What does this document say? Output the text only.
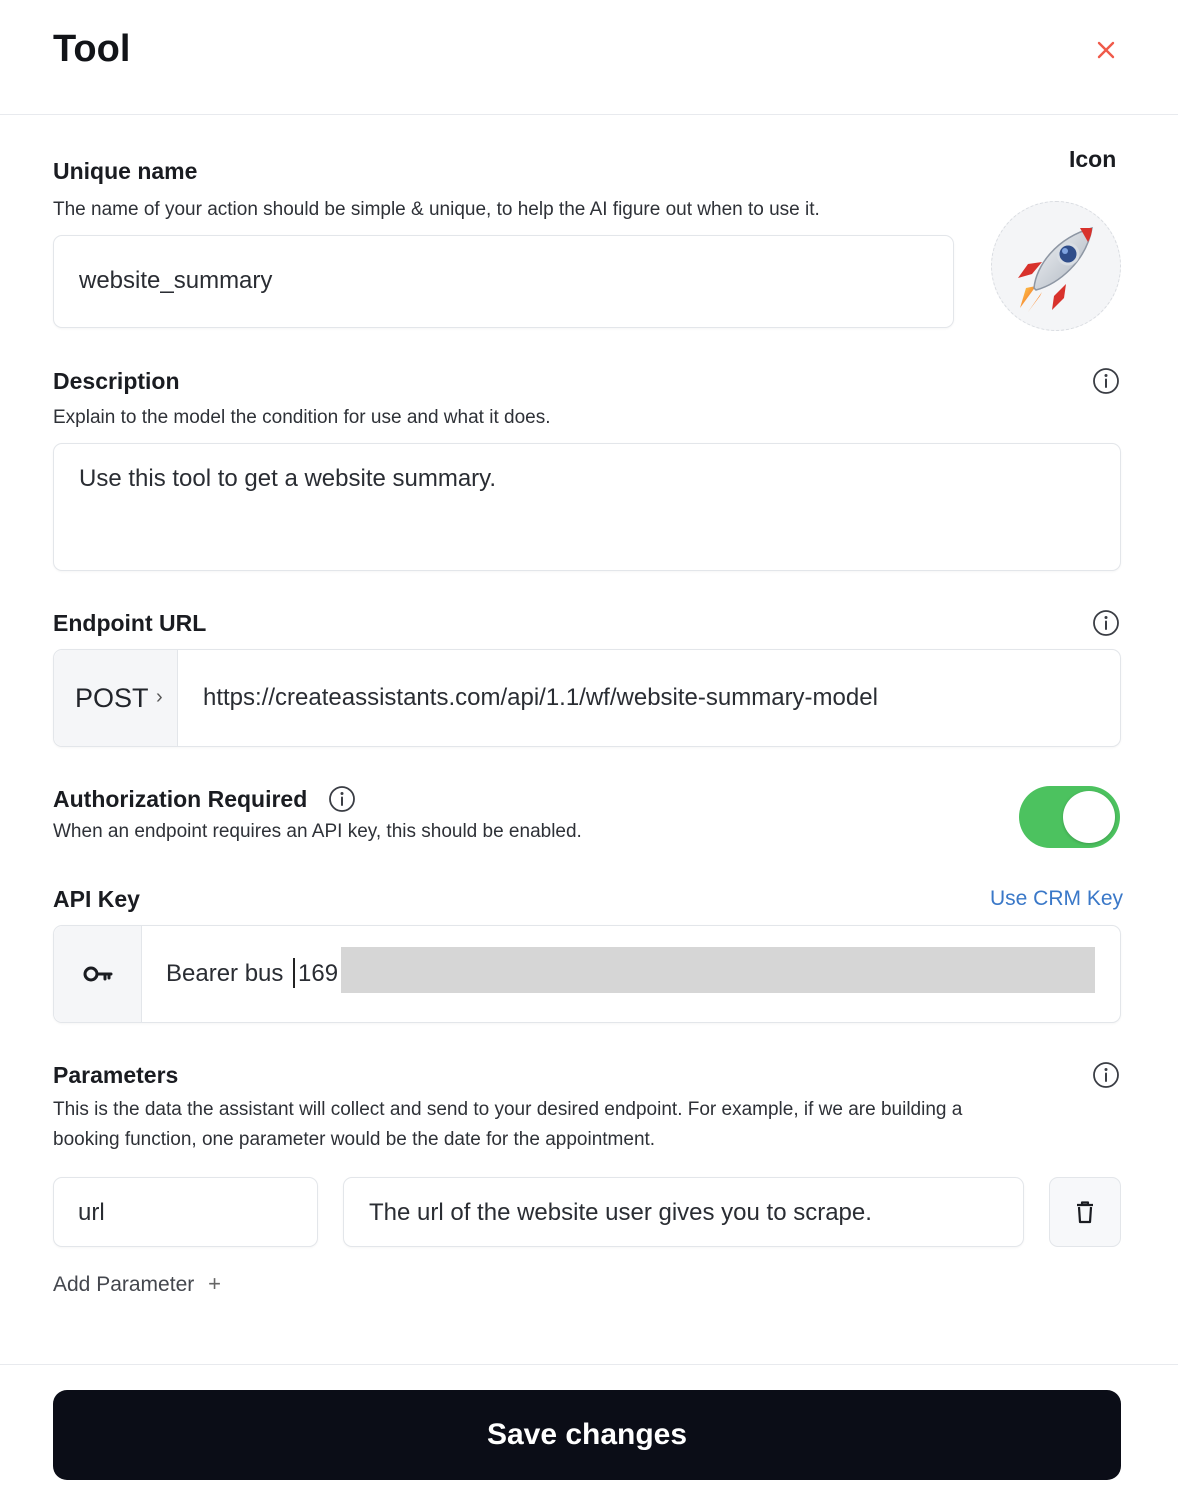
Tool
Unique name
The name of your action should be simple & unique, to help the AI figure out when to use it.
website_summary
Icon
Description
Explain to the model the condition for use and what it does.
Use this tool to get a website summary.
Endpoint URL
https://createassistants.com/api/1.1/wf/website-summary-model
POST ›
Authorization Required
When an endpoint requires an API key, this should be enabled.
API Key	Use CRM Key
Bearer bus 169
Parameters
This is the data the assistant will collect and send to your desired endpoint. For example, if we are building a
booking function, one parameter would be the date for the appointment.
url	The url of the website user gives you to scrape.
Add Parameter +
Save changes
